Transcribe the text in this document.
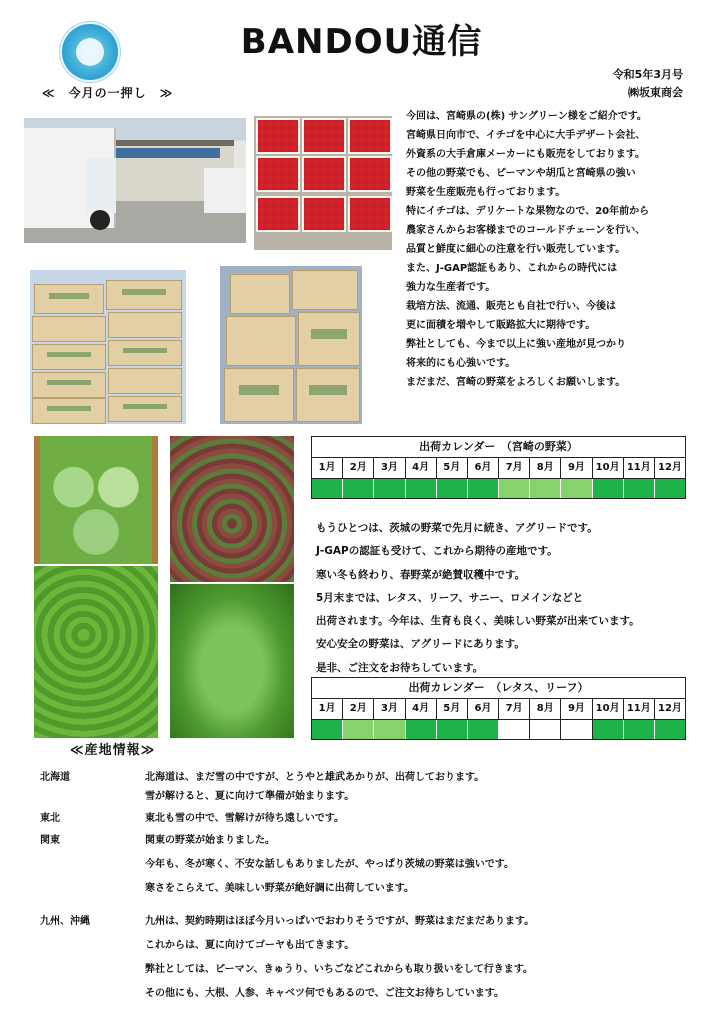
BANDOU通信
令和5年3月号
㈱坂東商会
≪　今月の一押し　≫

今回は、宮崎県の(株) サングリーン様をご紹介です。

宮崎県日向市で、イチゴを中心に大手デザート会社、

外資系の大手倉庫メーカーにも販売をしております。

その他の野菜でも、ピーマンや胡瓜と宮崎県の強い

野菜を生産販売も行っております。

特にイチゴは、デリケートな果物なので、20年前から

農家さんからお客様までのコールドチェーンを行い、

品質と鮮度に細心の注意を行い販売しています。

また、J-GAP認証もあり、これからの時代には

強力な生産者です。

栽培方法、流通、販売とも自社で行い、今後は

更に面積を増やして販路拡大に期待です。

弊社としても、今まで以上に強い産地が見つかり

将来的にも心強いです。

まだまだ、宮崎の野菜をよろしくお願いします。

出荷カレンダー　（宮崎の野菜）
1月	2月	3月	4月	5月	6月	7月	8月	9月	10月 11月 12月

もうひとつは、茨城の野菜で先月に続き、アグリードです。

J-GAPの認証も受けて、これから期待の産地です。

寒い冬も終わり、春野菜が絶賛収穫中です。

5月末までは、レタス、リーフ、サニー、ロメインなどと

出荷されます。今年は、生育も良く、美味しい野菜が出来ています。

安心安全の野菜は、アグリードにあります。

是非、ご注文をお待ちしています。

出荷カレンダー　（レタス、リーフ）
1月	2月	3月	4月	5月	6月	7月	8月	9月	10月 11月 12月
≪産地情報≫
北海道	北海道は、まだ雪の中ですが、とうやと雄武あかりが、出荷しております。
雪が解けると、夏に向けて準備が始まります。
東北	東北も雪の中で、雪解けが待ち遠しいです。
関東	関東の野菜が始まりました。
今年も、冬が寒く、不安な話しもありましたが、やっぱり茨城の野菜は強いです。
寒さをこらえて、美味しい野菜が絶好調に出荷しています。
九州、沖縄	九州は、契約時期はほぼ今月いっぱいでおわりそうですが、野菜はまだまだあります。
これからは、夏に向けてゴーヤも出てきます。
弊社としては、ピーマン、きゅうり、いちごなどこれからも取り扱いをして行きます。
その他にも、大根、人参、キャベツ何でもあるので、ご注文お待ちしています。
